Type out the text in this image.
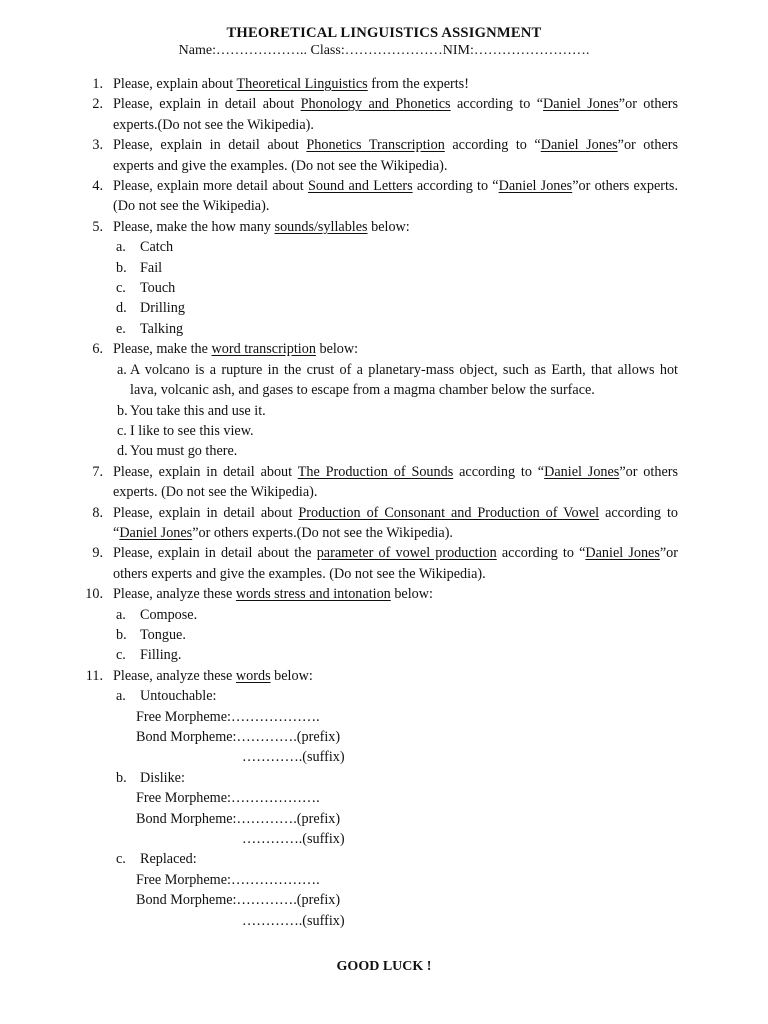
THEORETICAL LINGUISTICS ASSIGNMENT
Name:……………….. Class:…………………NIM:…………………….
1. Please, explain about Theoretical Linguistics from the experts!
2. Please, explain in detail about Phonology and Phonetics according to “Daniel Jones”or others experts.(Do not see the Wikipedia).
3. Please, explain in detail about Phonetics Transcription according to “Daniel Jones”or others experts and give the examples. (Do not see the Wikipedia).
4. Please, explain more detail about Sound and Letters according to “Daniel Jones”or others experts. (Do not see the Wikipedia).
5. Please, make the how many sounds/syllables below:
a. Catch
b. Fail
c. Touch
d. Drilling
e. Talking
6. Please, make the word transcription below:
a. A volcano is a rupture in the crust of a planetary-mass object, such as Earth, that allows hot lava, volcanic ash, and gases to escape from a magma chamber below the surface.
b. You take this and use it.
c. I like to see this view.
d. You must go there.
7. Please, explain in detail about The Production of Sounds according to “Daniel Jones”or others experts. (Do not see the Wikipedia).
8. Please, explain in detail about Production of Consonant and Production of Vowel according to “Daniel Jones”or others experts.(Do not see the Wikipedia).
9. Please, explain in detail about the parameter of vowel production according to “Daniel Jones”or others experts and give the examples. (Do not see the Wikipedia).
10. Please, analyze these words stress and intonation below:
a. Compose.
b. Tongue.
c. Filling.
11. Please, analyze these words below:
a. Untouchable:
Free Morpheme:……………….
Bond Morpheme:………….(prefix)
………….(suffix)
b. Dislike:
Free Morpheme:……………….
Bond Morpheme:………….(prefix)
………….(suffix)
c. Replaced:
Free Morpheme:……………….
Bond Morpheme:………….(prefix)
………….(suffix)
GOOD LUCK !
